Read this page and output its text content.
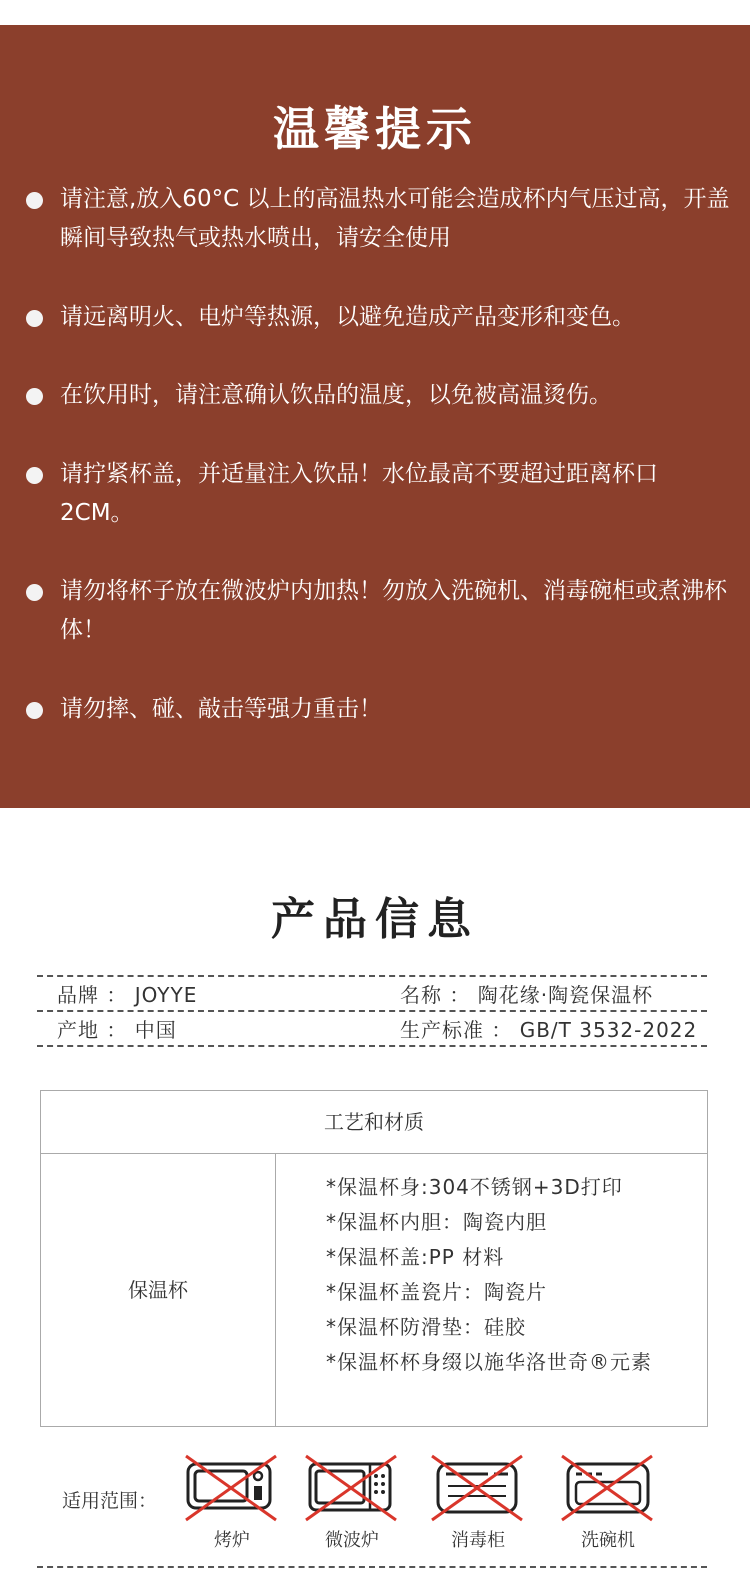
温馨提示

请注意,放入60°C 以上的高温热水可能会造成杯内气压过高，开盖瞬间导致热气或热水喷出，请安全使用

请远离明火、电炉等热源，以避免造成产品变形和变色。

在饮用时，请注意确认饮品的温度，以免被高温烫伤。

请拧紧杯盖，并适量注入饮品！水位最高不要超过距离杯口2CM。

请勿将杯子放在微波炉内加热！勿放入洗碗机、消毒碗柜或煮沸杯体！

请勿摔、碰、敲击等强力重击！

产品信息
品牌 ： JOYYE	名称 ： 陶花缘·陶瓷保温杯
产地 ： 中国	生产标准 ： GB/T 3532-2022
工艺和材质
保温杯
*保温杯身:304不锈钢+3D打印
*保温杯内胆：陶瓷内胆
*保温杯盖:PP 材料
*保温杯盖瓷片：陶瓷片
*保温杯防滑垫：硅胶
*保温杯杯身缀以施华洛世奇®元素
适用范围：
烤炉	微波炉	消毒柜	洗碗机
